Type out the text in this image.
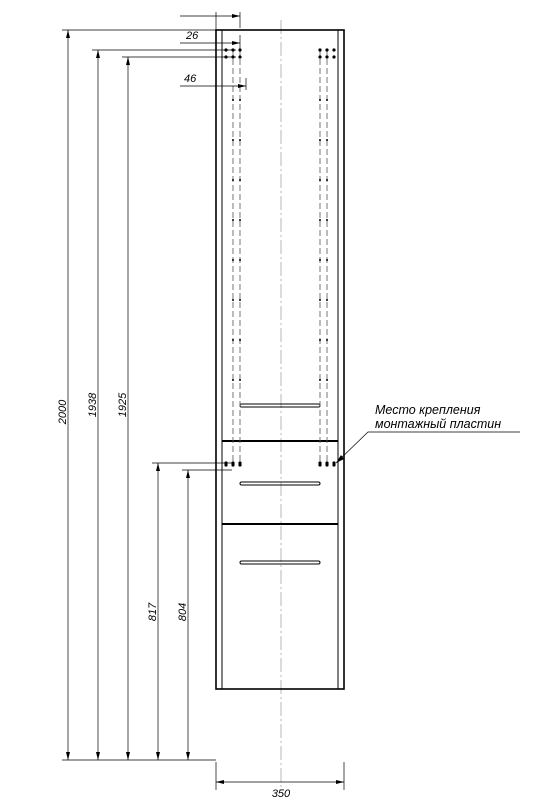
2000 1938 1925
817 804
26
46
350
Место крепления
монтажный пластин
